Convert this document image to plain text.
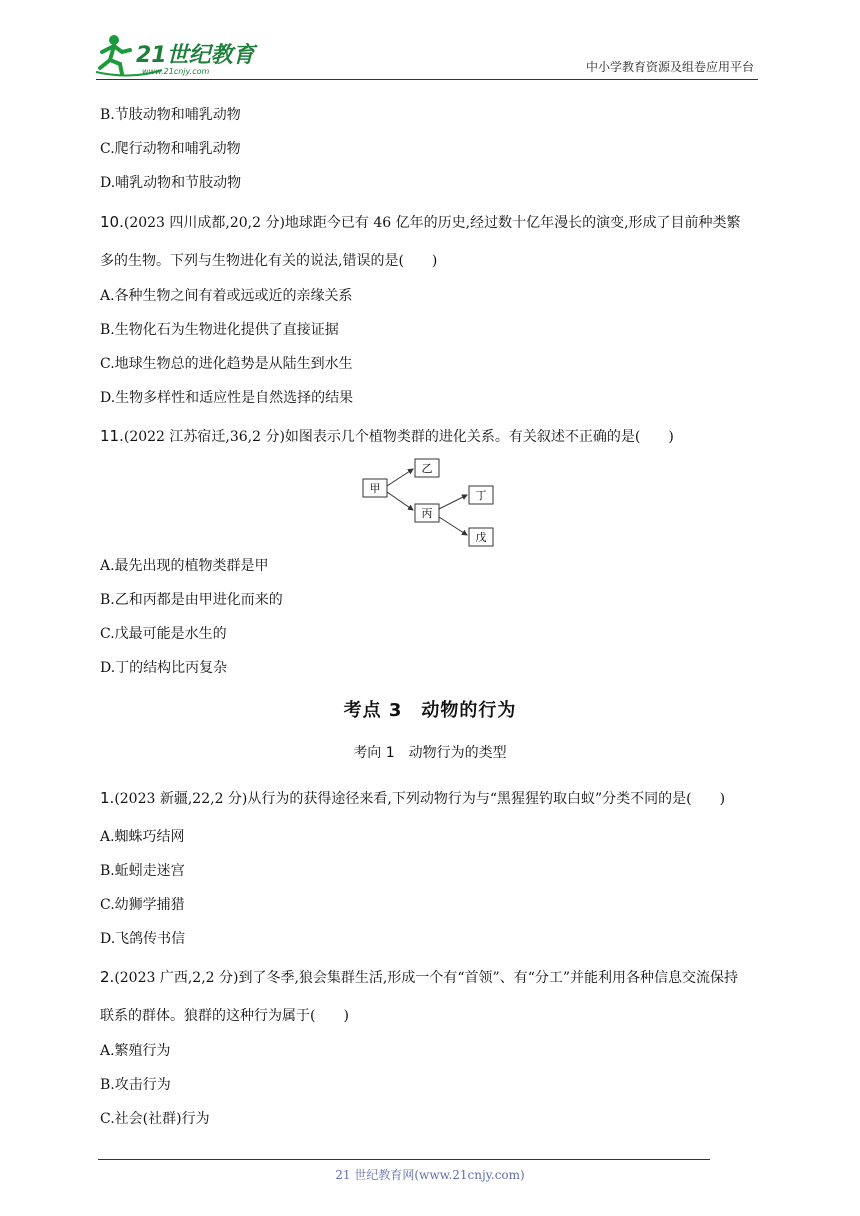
21世纪教育
www.21cnjy.com	中小学教育资源及组卷应用平台
B.节肢动物和哺乳动物
C.爬行动物和哺乳动物
D.哺乳动物和节肢动物
10.(2023 四川成都,20,2 分)地球距今已有 46 亿年的历史,经过数十亿年漫长的演变,形成了目前种类繁
多的生物。下列与生物进化有关的说法,错误的是(　　)
A.各种生物之间有着或远或近的亲缘关系
B.生物化石为生物进化提供了直接证据
C.地球生物总的进化趋势是从陆生到水生
D.生物多样性和适应性是自然选择的结果
11.(2022 江苏宿迁,36,2 分)如图表示几个植物类群的进化关系。有关叙述不正确的是(　　)
甲
乙
丙
丁
戊
A.最先出现的植物类群是甲
B.乙和丙都是由甲进化而来的
C.戊最可能是水生的
D.丁的结构比丙复杂
考点 3　动物的行为
考向 1　动物行为的类型
1.(2023 新疆,22,2 分)从行为的获得途径来看,下列动物行为与“黑猩猩钓取白蚁”分类不同的是(　　)
A.蜘蛛巧结网
B.蚯蚓走迷宫
C.幼狮学捕猎
D.飞鸽传书信
2.(2023 广西,2,2 分)到了冬季,狼会集群生活,形成一个有“首领”、有“分工”并能利用各种信息交流保持
联系的群体。狼群的这种行为属于(　　)
A.繁殖行为
B.攻击行为
C.社会(社群)行为
21 世纪教育网(www.21cnjy.com)
